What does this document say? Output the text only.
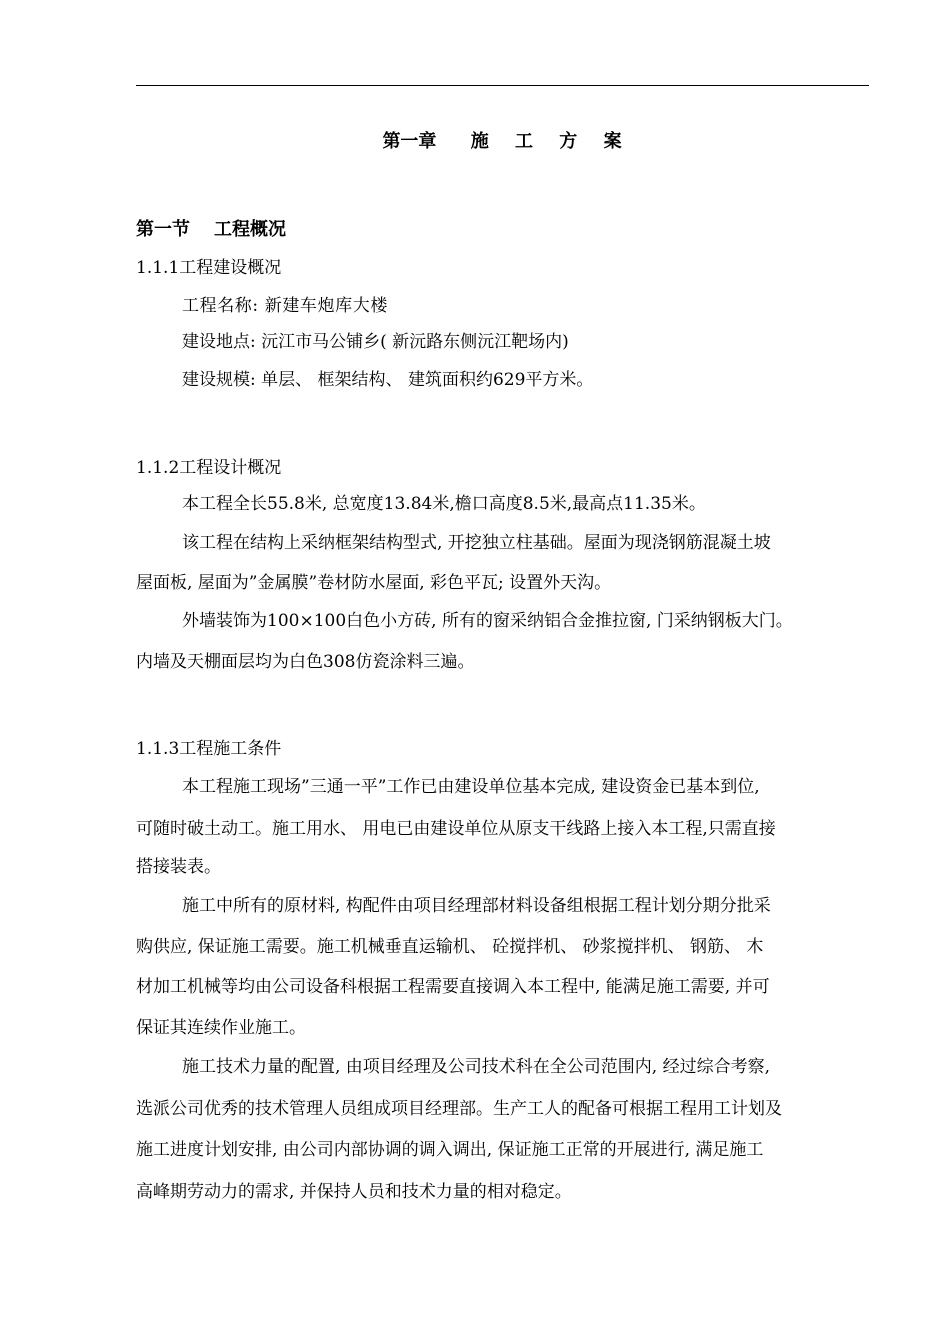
第一章 施 工 方 案
第一节 工程概况
1.1.1工程建设概况
工程名称: 新建车炮库大楼
建设地点: 沅江市马公铺乡( 新沅路东侧沅江靶场内)
建设规模: 单层、 框架结构、 建筑面积约629平方米。
1.1.2工程设计概况
本工程全长55.8米, 总宽度13.84米,檐口高度8.5米,最高点11.35米。
该工程在结构上采纳框架结构型式, 开挖独立柱基础。屋面为现浇钢筋混凝土坡
屋面板, 屋面为”金属膜”卷材防水屋面, 彩色平瓦; 设置外天沟。
外墙装饰为100×100白色小方砖, 所有的窗采纳铝合金推拉窗, 门采纳钢板大门。
内墙及天棚面层均为白色308仿瓷涂料三遍。
1.1.3工程施工条件
本工程施工现场”三通一平”工作已由建设单位基本完成, 建设资金已基本到位,
可随时破土动工。施工用水、 用电已由建设单位从原支干线路上接入本工程,只需直接
搭接装表。
施工中所有的原材料, 构配件由项目经理部材料设备组根据工程计划分期分批采
购供应, 保证施工需要。施工机械垂直运输机、 砼搅拌机、 砂浆搅拌机、 钢筋、 木
材加工机械等均由公司设备科根据工程需要直接调入本工程中, 能满足施工需要, 并可
保证其连续作业施工。
施工技术力量的配置, 由项目经理及公司技术科在全公司范围内, 经过综合考察,
选派公司优秀的技术管理人员组成项目经理部。生产工人的配备可根据工程用工计划及
施工进度计划安排, 由公司内部协调的调入调出, 保证施工正常的开展进行, 满足施工
高峰期劳动力的需求, 并保持人员和技术力量的相对稳定。
